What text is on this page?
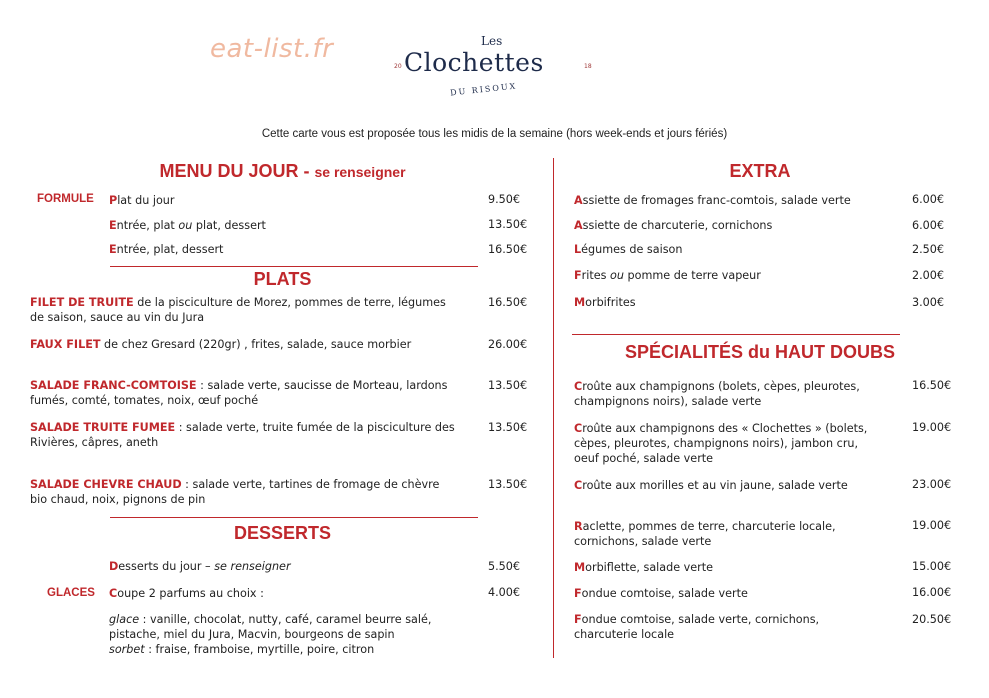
eat-list.fr	Les
20 Clochettes	18
DU RISOUX
Cette carte vous est proposée tous les midis de la semaine (hors week-ends et jours fériés)
MENU DU JOUR - se renseigner
FORMULE Plat du jour	9.50€
Entrée, plat ou plat, dessert	13.50€
Entrée, plat, dessert	16.50€
PLATS
FILET DE TRUITE de la pisciculture de Morez, pommes de terre, légumes
de saison, sauce au vin du Jura
16.50€
FAUX FILET de chez Gresard (220gr) , frites, salade, sauce morbier	26.00€
SALADE FRANC-COMTOISE : salade verte, saucisse de Morteau, lardons
fumés, comté, tomates, noix, œuf poché
13.50€
SALADE TRUITE FUMEE : salade verte, truite fumée de la pisciculture des
Rivières, câpres, aneth
13.50€
SALADE CHEVRE CHAUD : salade verte, tartines de fromage de chèvre
bio chaud, noix, pignons de pin
13.50€
DESSERTS
Desserts du jour – se renseigner	5.50€
GLACES Coupe 2 parfums au choix :	4.00€
glace : vanille, chocolat, nutty, café, caramel beurre salé,
pistache, miel du Jura, Macvin, bourgeons de sapin
sorbet : fraise, framboise, myrtille, poire, citron
EXTRA
Assiette de fromages franc-comtois, salade verte	6.00€
Assiette de charcuterie, cornichons	6.00€
Légumes de saison	2.50€
Frites ou pomme de terre vapeur	2.00€
Morbifrites	3.00€
SPÉCIALITÉS du HAUT DOUBS
Croûte aux champignons (bolets, cèpes, pleurotes,
champignons noirs), salade verte
16.50€
Croûte aux champignons des « Clochettes » (bolets,
cèpes, pleurotes, champignons noirs), jambon cru,
oeuf poché, salade verte
19.00€
Croûte aux morilles et au vin jaune, salade verte	23.00€
Raclette, pommes de terre, charcuterie locale,
cornichons, salade verte
19.00€
Morbiflette, salade verte	15.00€
Fondue comtoise, salade verte	16.00€
Fondue comtoise, salade verte, cornichons,
charcuterie locale
20.50€
